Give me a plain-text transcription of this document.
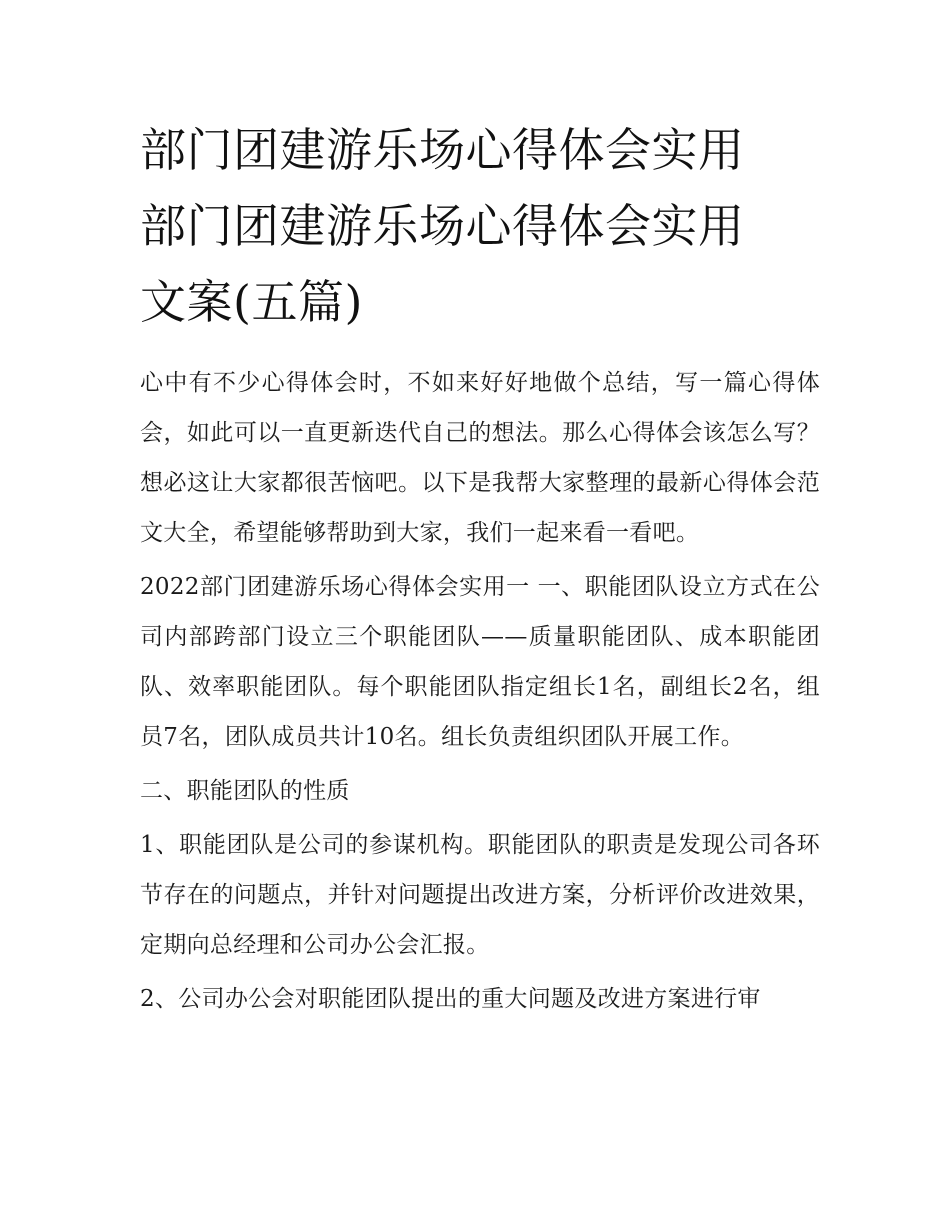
部门团建游乐场心得体会实用
部门团建游乐场心得体会实用
文案(五篇)

心中有不少心得体会时，不如来好好地做个总结，写一篇心得体会，如此可以一直更新迭代自己的想法。那么心得体会该怎么写？想必这让大家都很苦恼吧。以下是我帮大家整理的最新心得体会范文大全，希望能够帮助到大家，我们一起来看一看吧。

2022部门团建游乐场心得体会实用一 一、职能团队设立方式在公司内部跨部门设立三个职能团队——质量职能团队、成本职能团队、效率职能团队。每个职能团队指定组长1名，副组长2名，组员7名，团队成员共计10名。组长负责组织团队开展工作。

二、职能团队的性质

1、职能团队是公司的参谋机构。职能团队的职责是发现公司各环节存在的问题点，并针对问题提出改进方案，分析评价改进效果，定期向总经理和公司办公会汇报。

2、公司办公会对职能团队提出的重大问题及改进方案进行审
